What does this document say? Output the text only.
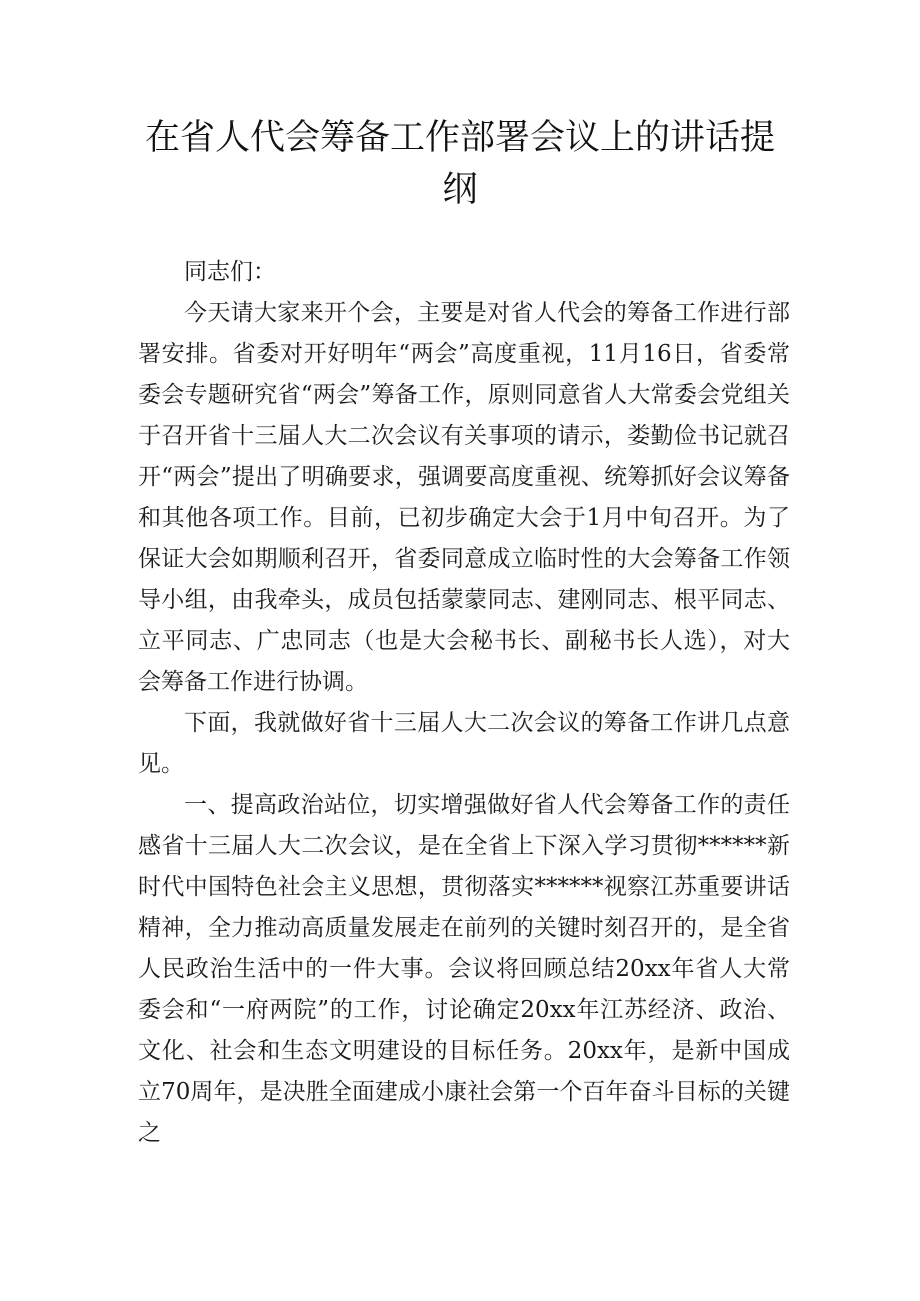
在省人代会筹备工作部署会议上的讲话提纲

同志们：

今天请大家来开个会，主要是对省人代会的筹备工作进行部署安排。省委对开好明年“两会”高度重视，11月16日，省委常委会专题研究省“两会”筹备工作，原则同意省人大常委会党组关于召开省十三届人大二次会议有关事项的请示，娄勤俭书记就召开“两会”提出了明确要求，强调要高度重视、统筹抓好会议筹备和其他各项工作。目前，已初步确定大会于1月中旬召开。为了保证大会如期顺利召开，省委同意成立临时性的大会筹备工作领导小组，由我牵头，成员包括蒙蒙同志、建刚同志、根平同志、立平同志、广忠同志（也是大会秘书长、副秘书长人选），对大会筹备工作进行协调。

下面，我就做好省十三届人大二次会议的筹备工作讲几点意见。

一、提高政治站位，切实增强做好省人代会筹备工作的责任感省十三届人大二次会议，是在全省上下深入学习贯彻******新时代中国特色社会主义思想，贯彻落实******视察江苏重要讲话精神，全力推动高质量发展走在前列的关键时刻召开的，是全省人民政治生活中的一件大事。会议将回顾总结20xx年省人大常委会和“一府两院”的工作，讨论确定20xx年江苏经济、政治、文化、社会和生态文明建设的目标任务。20xx年，是新中国成立70周年，是决胜全面建成小康社会第一个百年奋斗目标的关键之
